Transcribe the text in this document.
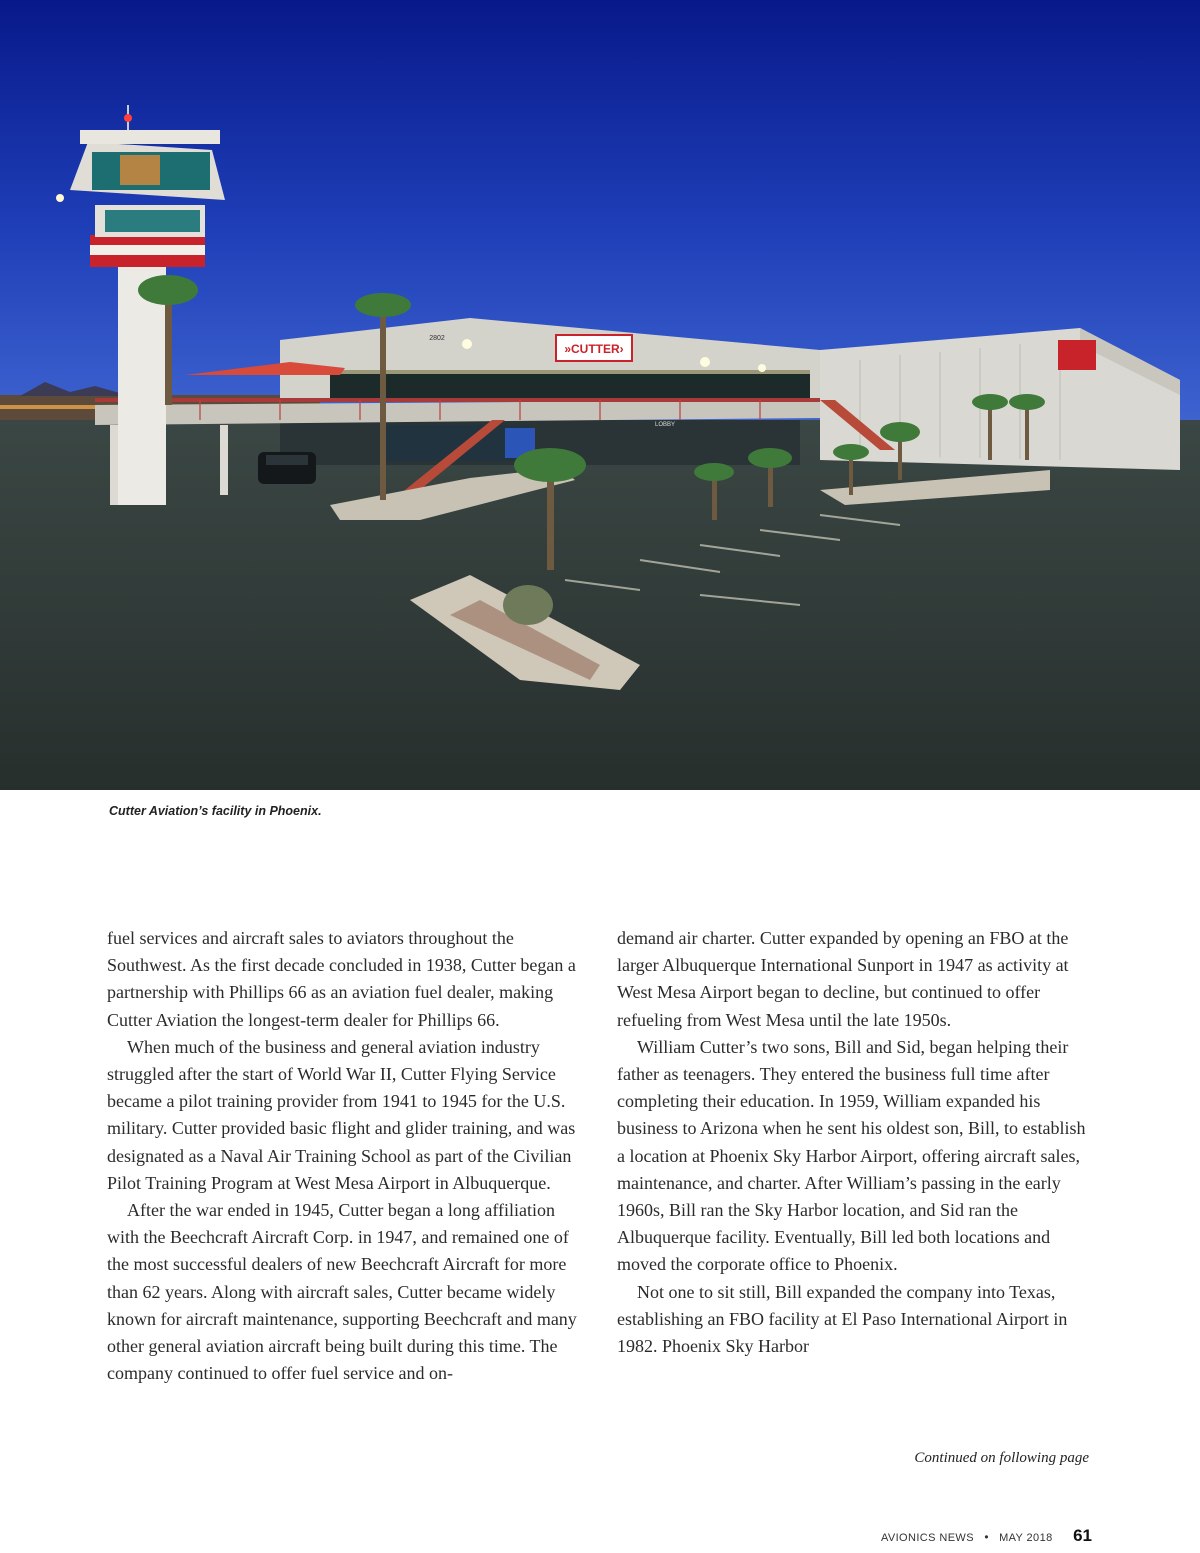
»CUTTER›
2802
LOBBY

Cutter Aviation’s facility in Phoenix.

fuel services and aircraft sales to aviators throughout the Southwest. As the first decade concluded in 1938, Cutter began a partnership with Phillips 66 as an aviation fuel dealer, making Cutter Aviation the longest-term dealer for Phillips 66.

When much of the business and general aviation industry struggled after the start of World War II, Cutter Flying Service became a pilot training provider from 1941 to 1945 for the U.S. military. Cutter provided basic flight and glider training, and was designated as a Naval Air Training School as part of the Civilian Pilot Training Program at West Mesa Airport in Albuquerque.

After the war ended in 1945, Cutter began a long affiliation with the Beechcraft Aircraft Corp. in 1947, and remained one of the most successful dealers of new Beechcraft Aircraft for more than 62 years. Along with aircraft sales, Cutter became widely known for aircraft maintenance, supporting Beechcraft and many other general aviation aircraft being built during this time. The company continued to offer fuel service and on-

demand air charter. Cutter expanded by opening an FBO at the larger Albuquerque International Sunport in 1947 as activity at West Mesa Airport began to decline, but continued to offer refueling from West Mesa until the late 1950s.

William Cutter’s two sons, Bill and Sid, began helping their father as teenagers. They entered the business full time after completing their education. In 1959, William expanded his business to Arizona when he sent his oldest son, Bill, to establish a location at Phoenix Sky Harbor Airport, offering aircraft sales, maintenance, and charter. After William’s passing in the early 1960s, Bill ran the Sky Harbor location, and Sid ran the Albuquerque facility. Eventually, Bill led both locations and moved the corporate office to Phoenix.

Not one to sit still, Bill expanded the company into Texas, establishing an FBO facility at El Paso International Airport in 1982. Phoenix Sky Harbor

Continued on following page
AVIONICS NEWS • MAY 2018 61
